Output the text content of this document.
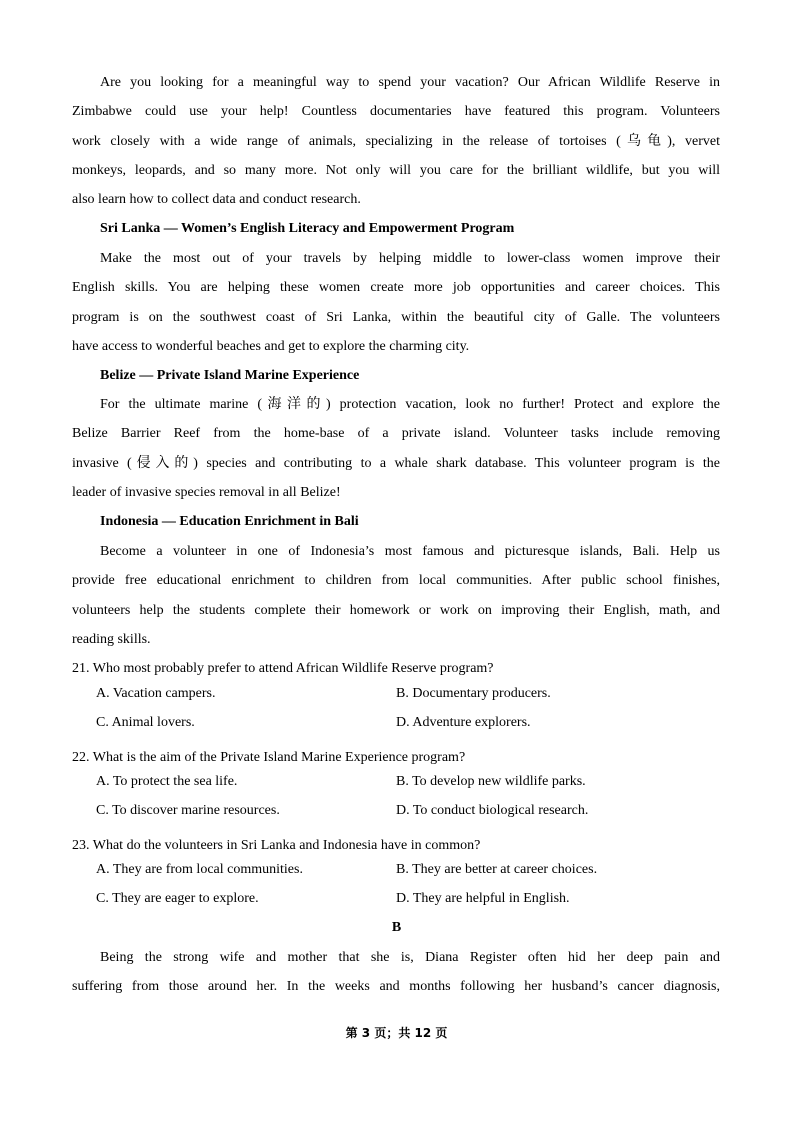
Are you looking for a meaningful way to spend your vacation? Our African Wildlife Reserve in
Zimbabwe could use your help! Countless documentaries have featured this program. Volunteers
work closely with a wide range of animals, specializing in the release of tortoises (乌龟), vervet
monkeys, leopards, and so many more. Not only will you care for the brilliant wildlife, but you will
also learn how to collect data and conduct research.

Sri Lanka — Women’s English Literacy and Empowerment Program

Make the most out of your travels by helping middle to lower-class women improve their
English skills. You are helping these women create more job opportunities and career choices. This
program is on the southwest coast of Sri Lanka, within the beautiful city of Galle. The volunteers
have access to wonderful beaches and get to explore the charming city.

Belize — Private Island Marine Experience

For the ultimate marine (海洋的) protection vacation, look no further! Protect and explore the
Belize Barrier Reef from the home-base of a private island. Volunteer tasks include removing
invasive (侵入的) species and contributing to a whale shark database. This volunteer program is the
leader of invasive species removal in all Belize!

Indonesia — Education Enrichment in Bali

Become a volunteer in one of Indonesia’s most famous and picturesque islands, Bali. Help us
provide free educational enrichment to children from local communities. After public school finishes,
volunteers help the students complete their homework or work on improving their English, math, and
reading skills.

21. Who most probably prefer to attend African Wildlife Reserve program?

A. Vacation campers.	B. Documentary producers.

C. Animal lovers.	D. Adventure explorers.

22. What is the aim of the Private Island Marine Experience program?

A. To protect the sea life.	B. To develop new wildlife parks.

C. To discover marine resources.	D. To conduct biological research.

23. What do the volunteers in Sri Lanka and Indonesia have in common?

A. They are from local communities.	B. They are better at career choices.

C. They are eager to explore.	D. They are helpful in English.

B

Being the strong wife and mother that she is, Diana Register often hid her deep pain and
suffering from those around her. In the weeks and months following her husband’s cancer diagnosis,

第 3 页；共 12 页
